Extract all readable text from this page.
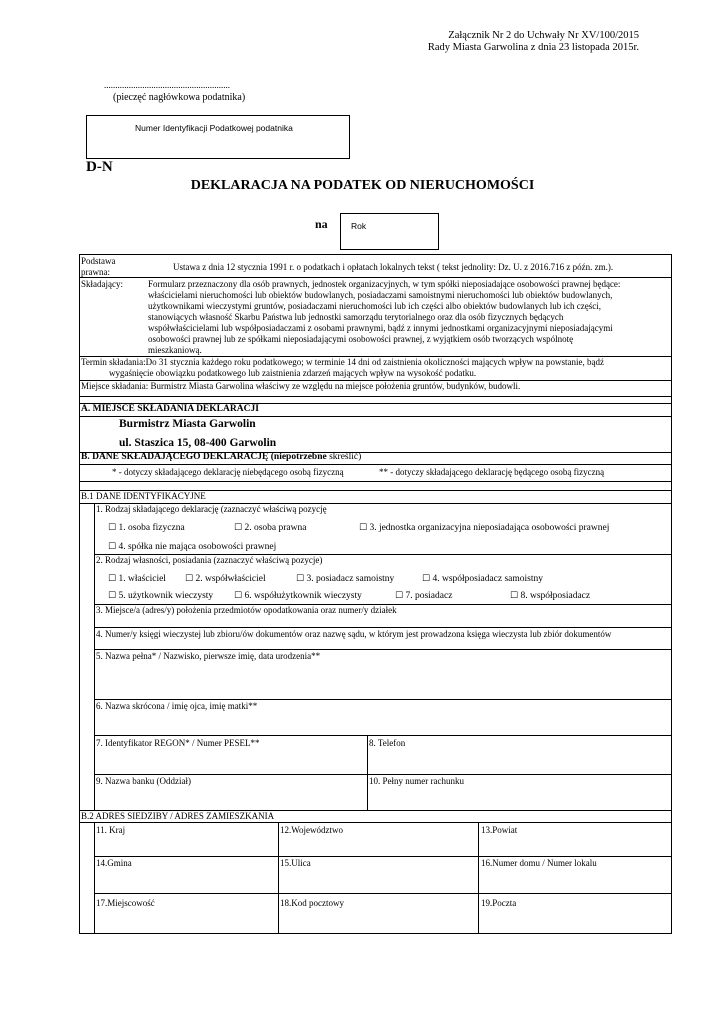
Załącznik Nr 2 do Uchwały Nr XV/100/2015
Rady Miasta Garwolina z dnia 23 listopada 2015r.
........................................................
(pieczęć nagłówkowa podatnika)
Numer Identyfikacji Podatkowej podatnika
D-N
DEKLARACJA NA PODATEK OD NIERUCHOMOŚCI
na	Rok
Podstawa prawna:	Ustawa z dnia 12 stycznia 1991 r. o podatkach i opłatach lokalnych tekst ( tekst jednolity: Dz. U. z 2016.716 z późn. zm.).
Składający:	Formularz przeznaczony dla osób prawnych, jednostek organizacyjnych, w tym spółki nieposiadające osobowości prawnej będące:
właścicielami nieruchomości lub obiektów budowlanych, posiadaczami samoistnymi nieruchomości lub obiektów budowlanych,
użytkownikami wieczystymi gruntów, posiadaczami nieruchomości lub ich części albo obiektów budowlanych lub ich części,
stanowiących własność Skarbu Państwa lub jednostki samorządu terytorialnego oraz dla osób fizycznych będących
współwłaścicielami lub współposiadaczami z osobami prawnymi, bądź z innymi jednostkami organizacyjnymi nieposiadającymi
osobowości prawnej lub ze spółkami nieposiadającymi osobowości prawnej, z wyjątkiem osób tworzących wspólnotę
mieszkaniową.
Termin składania:Do 31 stycznia każdego roku podatkowego; w terminie 14 dni od zaistnienia okoliczności mających wpływ na powstanie, bądź
wygaśnięcie obowiązku podatkowego lub zaistnienia zdarzeń mających wpływ na wysokość podatku.
Miejsce składania: Burmistrz Miasta Garwolina właściwy ze względu na miejsce położenia gruntów, budynków, budowli.
A. MIEJSCE SKŁADANIA DEKLARACJI
Burmistrz Miasta Garwolin
ul. Staszica 15, 08-400 Garwolin
B. DANE SKŁADAJĄCEGO DEKLARACJĘ (niepotrzebne skreślić)
* - dotyczy składającego deklarację niebędącego osobą fizyczną	** - dotyczy składającego deklarację będącego osobą fizyczną
B.1 DANE IDENTYFIKACYJNE
1. Rodzaj składającego deklarację (zaznaczyć właściwą pozycję
☐ 1. osoba fizyczna	☐ 2. osoba prawna	☐ 3. jednostka organizacyjna nieposiadająca osobowości prawnej
☐ 4. spółka nie mająca osobowości prawnej
2. Rodzaj własności, posiadania (zaznaczyć właściwą pozycje)
☐ 1. właściciel ☐ 2. współwłaściciel	☐ 3. posiadacz samoistny	☐ 4. współposiadacz samoistny
☐ 5. użytkownik wieczysty ☐ 6. współużytkownik wieczysty	☐ 7. posiadacz	☐ 8. współposiadacz
3. Miejsce/a (adres/y) położenia przedmiotów opodatkowania oraz numer/y działek
4. Numer/y księgi wieczystej lub zbioru/ów dokumentów oraz nazwę sądu, w którym jest prowadzona księga wieczysta lub zbiór dokumentów
5. Nazwa pełna* / Nazwisko, pierwsze imię, data urodzenia**
6. Nazwa skrócona / imię ojca, imię matki**
7. Identyfikator REGON* / Numer PESEL**	8. Telefon
9. Nazwa banku (Oddział)	10. Pełny numer rachunku
B.2 ADRES SIEDZIBY / ADRES ZAMIESZKANIA
11. Kraj	12.Województwo	13.Powiat
14.Gmina	15.Ulica	16.Numer domu / Numer lokalu
17.Miejscowość	18.Kod pocztowy	19.Poczta
